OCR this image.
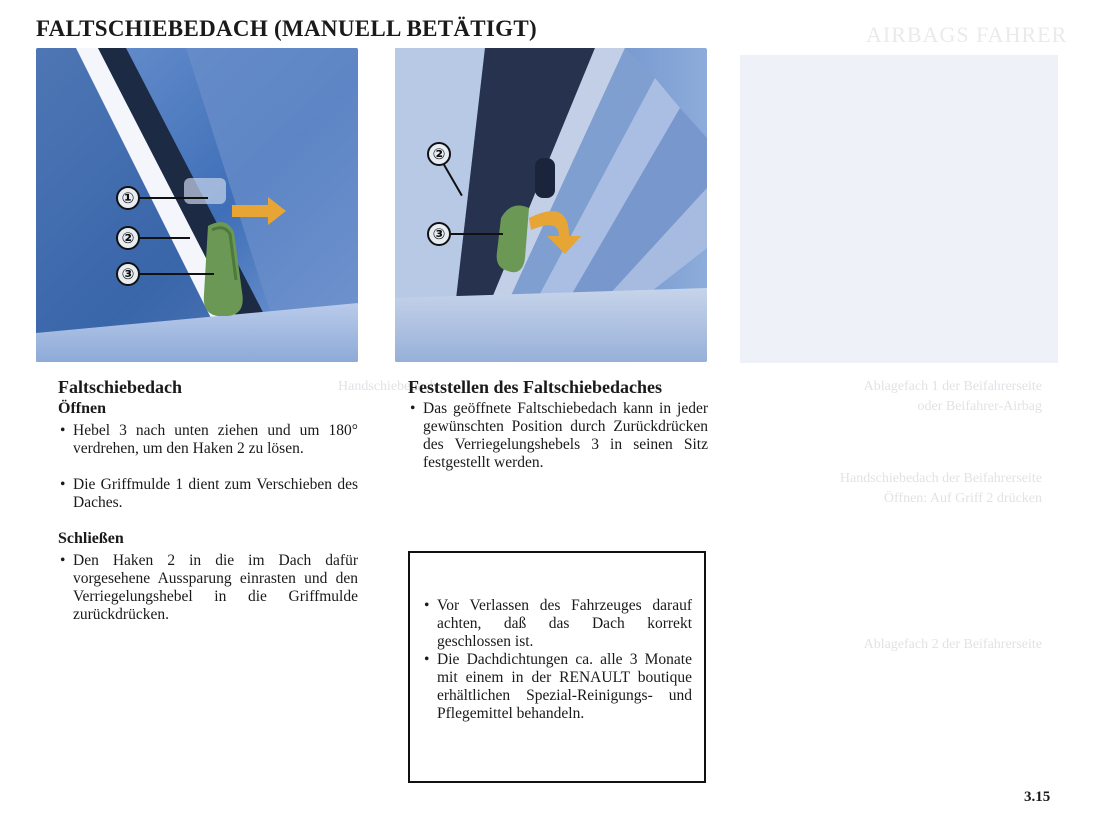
FALTSCHIEBEDACH (MANUELL BETÄTIGT)	AIRBAGS FAHRER

①
②
③
②
③

Handschiebedach	Ablagefach 1 der Beifahrerseite

oder Beifahrer-Airbag

Handschiebedach der Beifahrerseite

Öffnen: Auf Griff 2 drücken

Ablagefach 2 der Beifahrerseite

Faltschiebedach
Öffnen

• Hebel 3 nach unten ziehen und um 180° verdrehen, um den Haken 2 zu lösen.

• Die Griffmulde 1 dient zum Verschieben des Daches.

Schließen

• Den Haken 2 in die im Dach dafür vorgesehene Aussparung einrasten und den Verriegelungshebel in die Griffmulde zurückdrücken.

Feststellen des Faltschiebedaches

• Das geöffnete Faltschiebedach kann in jeder gewünschten Position durch Zurückdrücken des Verriegelungshebels 3 in seinen Sitz festgestellt werden.

• Vor Verlassen des Fahrzeuges darauf achten, daß das Dach korrekt geschlossen ist.

• Die Dachdichtungen ca. alle 3 Monate mit einem in der RENAULT boutique erhältlichen Spezial-Reinigungs- und Pflegemittel behandeln.

3.15
